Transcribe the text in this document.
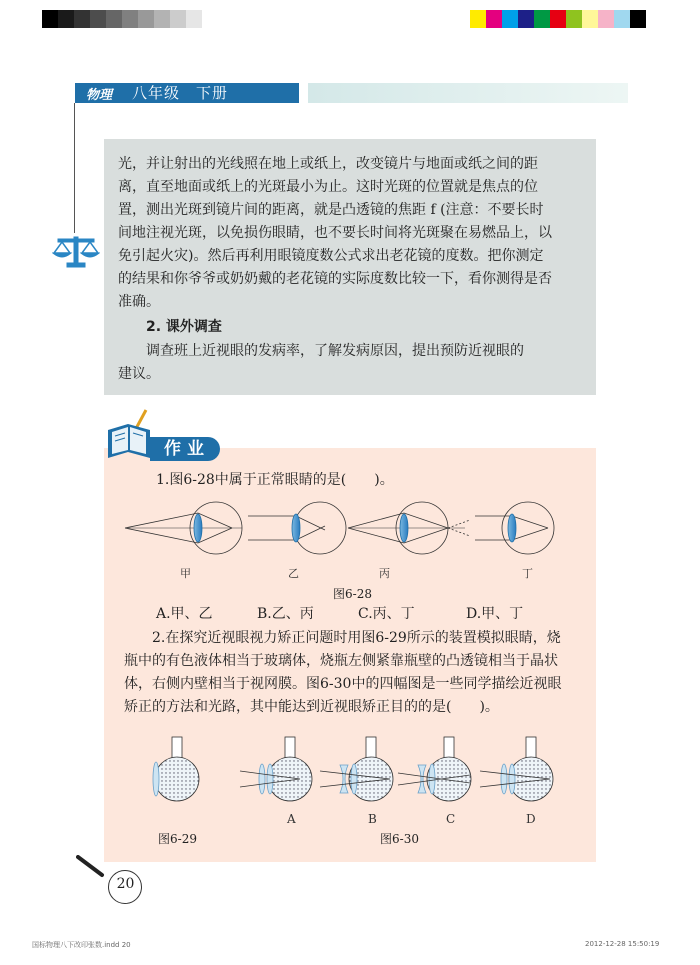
物理 八年级　 下册
光，并让射出的光线照在地上或纸上，改变镜片与地面或纸之间的距
离，直至地面或纸上的光斑最小为止。这时光斑的位置就是焦点的位
置，测出光斑到镜片间的距离，就是凸透镜的焦距 f (注意：不要长时
间地注视光斑，以免损伤眼睛，也不要长时间将光斑聚在易燃品上，以
免引起火灾)。然后再利用眼镜度数公式求出老花镜的度数。把你测定
的结果和你爷爷或奶奶戴的老花镜的实际度数比较一下，看你测得是否
准确。
2. 课外调查
调查班上近视眼的发病率，了解发病原因，提出预防近视眼的
建议。
作业
1.图6-28中属于正常眼睛的是(　　)。
甲	乙	丙	丁
图6-28
A.甲、乙	B.乙、丙	C.丙、丁	D.甲、丁
2.在探究近视眼视力矫正问题时用图6-29所示的装置模拟眼睛，烧
瓶中的有色液体相当于玻璃体，烧瓶左侧紧靠瓶壁的凸透镜相当于晶状
体，右侧内壁相当于视网膜。图6-30中的四幅图是一些同学描绘近视眼
矫正的方法和光路，其中能达到近视眼矫正目的的是(　　)。
A	B	C	D
图6-29	图6-30
20
国标物理八下改印张数.indd 20	2012-12-28 15:50:19
